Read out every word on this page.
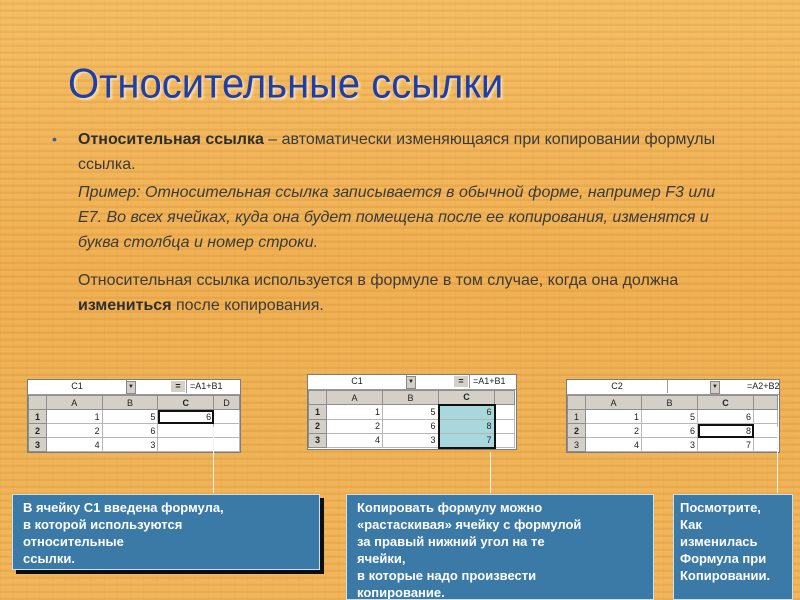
Относительные ссылки
• Относительная ссылка – автоматически изменяющаяся при копировании формулы ссылка.

Пример: Относительная ссылка записывается в обычной форме, например F3 или E7. Во всех ячейках, куда она будет помещена после ее копирования, изменятся и буква столбца и номер строки.

Относительная ссылка используется в формуле в том случае, когда она должна измениться после копирования.

C1	▼	=	=A1+B1
	A	B	C	D
1	1	5	6	
2	2	6		
3	4	3		
C1	▼	=	=A1+B1
	A	B	C	
1	1	5	6	
2	2	6	8	
3	4	3	7	
C2	▼	=A2+B2
	A	B	C	
1	1	5	6	
2	2	6	8	
3	4	3	7	
В ячейку С1 введена формула,
в которой используются
относительные
ссылки.
Копировать формулу можно
«растаскивая» ячейку с формулой
за правый нижний угол на те
ячейки,
в которые надо произвести
копирование.
Посмотрите,
Как
изменилась
Формула при
Копировании.
